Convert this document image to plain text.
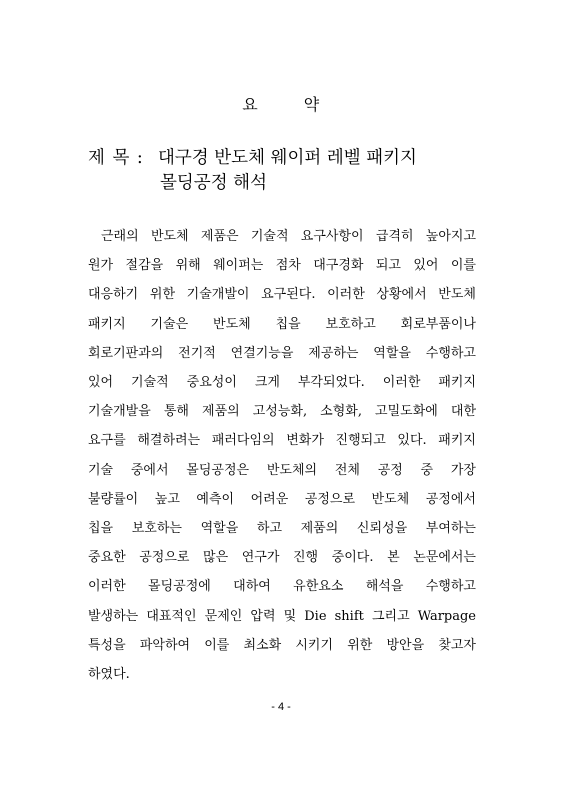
요 약
제 목 : 대구경 반도체 웨이퍼 레벨 패키지
몰딩공정 해석
근래의 반도체 제품은 기술적 요구사항이 급격히 높아지고
원가 절감을 위해 웨이퍼는 점차 대구경화 되고 있어 이를
대응하기 위한 기술개발이 요구된다. 이러한 상황에서 반도체
패키지 기술은 반도체 칩을 보호하고 회로부품이나
회로기판과의 전기적 연결기능을 제공하는 역할을 수행하고
있어 기술적 중요성이 크게 부각되었다. 이러한 패키지
기술개발을 통해 제품의 고성능화, 소형화, 고밀도화에 대한
요구를 해결하려는 패러다임의 변화가 진행되고 있다. 패키지
기술 중에서 몰딩공정은 반도체의 전체 공정 중 가장
불량률이 높고 예측이 어려운 공정으로 반도체 공정에서
칩을 보호하는 역할을 하고 제품의 신뢰성을 부여하는
중요한 공정으로 많은 연구가 진행 중이다. 본 논문에서는
이러한 몰딩공정에 대하여 유한요소 해석을 수행하고
발생하는 대표적인 문제인 압력 및 Die shift 그리고 Warpage
특성을 파악하여 이를 최소화 시키기 위한 방안을 찾고자
하였다.
- 4 -
